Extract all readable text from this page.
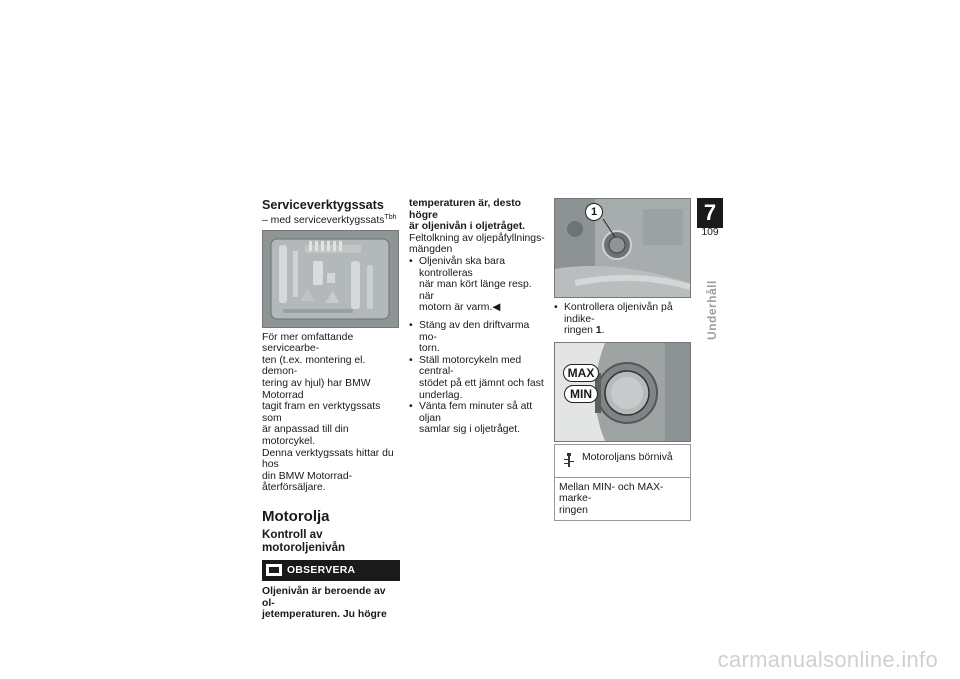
Serviceverktygssats
– med serviceverktygssats$^{Tbh}$

För mer omfattande servicearbe-

ten (t.ex. montering el. demon-

tering av hjul) har BMW Motorrad

tagit fram en verktygssats som

är anpassad till din motorcykel.

Denna verktygssats hittar du hos

din BMW Motorrad-återförsäljare.

Motorolja
Kontroll av motoroljenivån
OBSERVERA

Oljenivån är beroende av ol-

jetemperaturen. Ju högre

temperaturen är, desto högre

är oljenivån i oljetråget.

Feltolkning av oljepåfyllnings-

mängden

• Oljenivån ska bara kontrolleras
när man kört länge resp. när
motorn är varm.◀
• Stäng av den driftvarma mo-
torn.
• Ställ motorcykeln med central-
stödet på ett jämnt och fast
underlag.
• Vänta fem minuter så att oljan
samlar sig i oljetråget.
1
• Kontrollera oljenivån på indike-
ringen 1.
MAX
MIN
Motoroljans börnivå
Mellan MIN- och MAX-marke-
ringen
7
109
Underhåll
carmanualsonline.info
